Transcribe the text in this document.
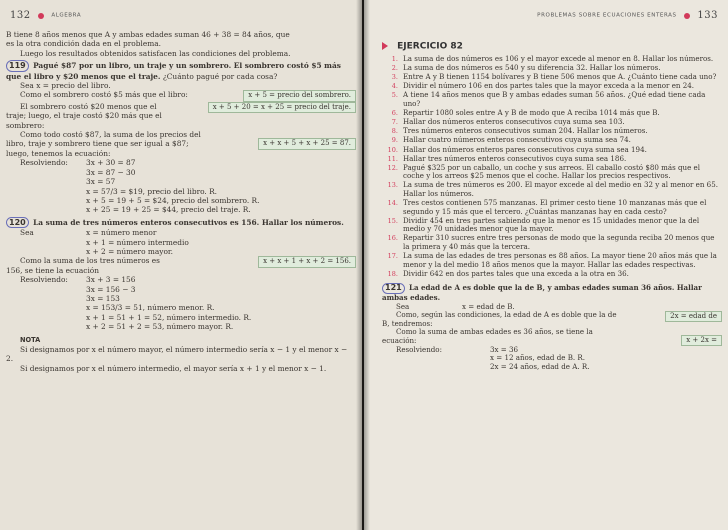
132	ALGEBRA

B tiene 8 años menos que A y ambas edades suman 46 + 38 = 84 años, que

es la otra condición dada en el problema.

Luego los resultados obtenidos satisfacen las condiciones del problema.

119 Pagué $87 por un libro, un traje y un sombrero. El sombrero costó $5 más que el libro y $20 menos que el traje. ¿Cuánto pagué por cada cosa?

Sea x = precio del libro.

Como el sombrero costó $5 más que el libro:	x + 5 = precio del sombrero.

El sombrero costó $20 menos que el traje; luego, el traje costó $20 más que el sombrero:

x + 5 + 20 = x + 25 = precio del traje.

Como todo costó $87, la suma de los precios del libro, traje y sombrero tiene que ser igual a $87; luego, tenemos la ecuación:

x + x + 5 + x + 25 = 87.
Resolviendo:	3x + 30 = 87

3x = 87 − 30

3x = 57

x = 57/3 = $19, precio del libro. R.

x + 5 = 19 + 5 = $24, precio del sombrero. R.

x + 25 = 19 + 25 = $44, precio del traje. R.

120 La suma de tres números enteros consecutivos es 156. Hallar los números.

Sea	x = número menor

x + 1 = número intermedio

x + 2 = número mayor.

Como la suma de los tres números es 156, se tiene la ecuación

x + x + 1 + x + 2 = 156.
Resolviendo:	3x + 3 = 156

3x = 156 − 3

3x = 153

x = 153/3 = 51, número menor. R.

x + 1 = 51 + 1 = 52, número intermedio. R.

x + 2 = 51 + 2 = 53, número mayor. R.

NOTA

Si designamos por x el número mayor, el número intermedio sería x − 1 y el menor x − 2.

Si designamos por x el número intermedio, el mayor sería x + 1 y el menor x − 1.

PROBLEMAS SOBRE ECUACIONES ENTERAS 133
EJERCICIO 82
1. La suma de dos números es 106 y el mayor excede al menor en 8. Hallar los números.
2. La suma de dos números es 540 y su diferencia 32. Hallar los números.
3. Entre A y B tienen 1154 bolívares y B tiene 506 menos que A. ¿Cuánto tiene cada uno?
4. Dividir el número 106 en dos partes tales que la mayor exceda a la menor en 24.
5. A tiene 14 años menos que B y ambas edades suman 56 años. ¿Qué edad tiene cada uno?
6. Repartir 1080 soles entre A y B de modo que A reciba 1014 más que B.
7. Hallar dos números enteros consecutivos cuya suma sea 103.
8. Tres números enteros consecutivos suman 204. Hallar los números.
9. Hallar cuatro números enteros consecutivos cuya suma sea 74.
10. Hallar dos números enteros pares consecutivos cuya suma sea 194.
11. Hallar tres números enteros consecutivos cuya suma sea 186.
12. Pagué $325 por un caballo, un coche y sus arreos. El caballo costó $80 más que el coche y los arreos $25 menos que el coche. Hallar los precios respectivos.
13. La suma de tres números es 200. El mayor excede al del medio en 32 y al menor en 65. Hallar los números.
14. Tres cestos contienen 575 manzanas. El primer cesto tiene 10 manzanas más que el segundo y 15 más que el tercero. ¿Cuántas manzanas hay en cada cesto?
15. Dividir 454 en tres partes sabiendo que la menor es 15 unidades menor que la del medio y 70 unidades menor que la mayor.
16. Repartir 310 sucres entre tres personas de modo que la segunda reciba 20 menos que la primera y 40 más que la tercera.
17. La suma de las edades de tres personas es 88 años. La mayor tiene 20 años más que la menor y la del medio 18 años menos que la mayor. Hallar las edades respectivas.
18. Dividir 642 en dos partes tales que una exceda a la otra en 36.

121 La edad de A es doble que la de B, y ambas edades suman 36 años. Hallar ambas edades.

Sea	x = edad de B.

Como, según las condiciones, la edad de A es doble que la de B, tendremos:

2x = edad de

Como la suma de ambas edades es 36 años, se tiene la ecuación:	x + 2x =
Resolviendo:	3x = 36

x = 12 años, edad de B. R.

2x = 24 años, edad de A. R.
